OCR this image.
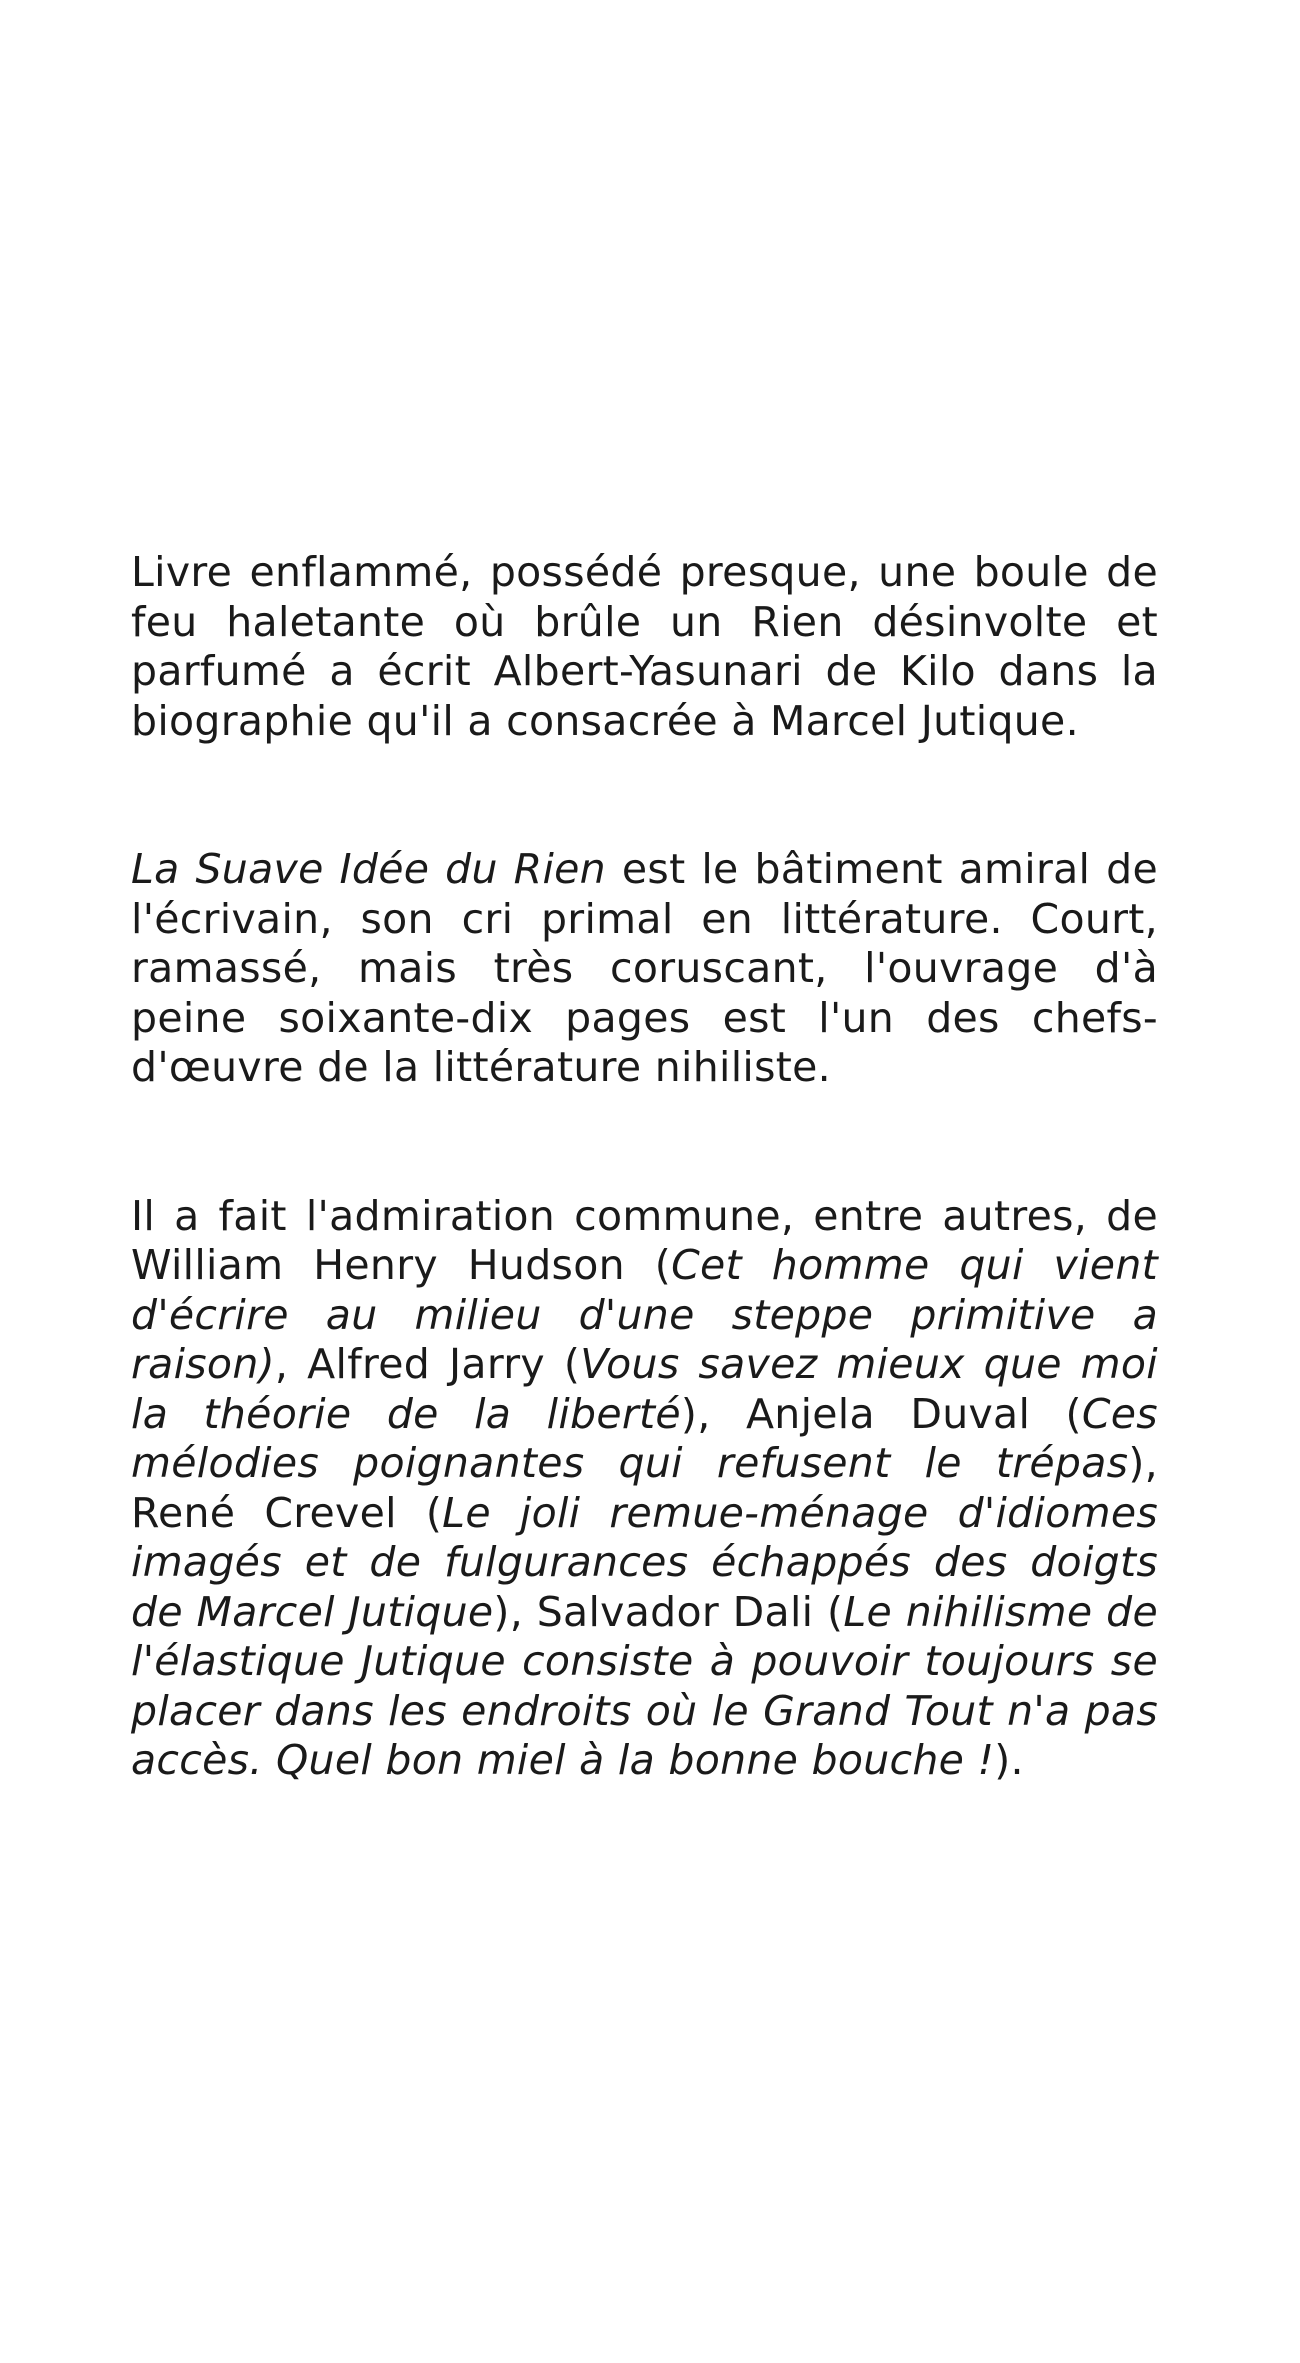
Livre enflammé, possédé presque, une boule de feu haletante où brûle un Rien désinvolte et parfumé a écrit Albert-Yasunari de Kilo dans la biographie qu'il a consacrée à Marcel Jutique.

La Suave Idée du Rien est le bâtiment amiral de l'écrivain, son cri primal en littérature. Court, ramassé, mais très coruscant, l'ouvrage d'à peine soixante-dix pages est l'un des chefs-d'œuvre de la littérature nihiliste.

Il a fait l'admiration commune, entre autres, de William Henry Hudson (Cet homme qui vient d'écrire au milieu d'une steppe primitive a raison), Alfred Jarry (Vous savez mieux que moi la théorie de la liberté), Anjela Duval (Ces mélodies poignantes qui refusent le trépas), René Crevel (Le joli remue-ménage d'idiomes imagés et de fulgurances échappés des doigts de Marcel Jutique), Salvador Dali (Le nihilisme de l'élastique Jutique consiste à pouvoir toujours se placer dans les endroits où le Grand Tout n'a pas accès. Quel bon miel à la bonne bouche !).
